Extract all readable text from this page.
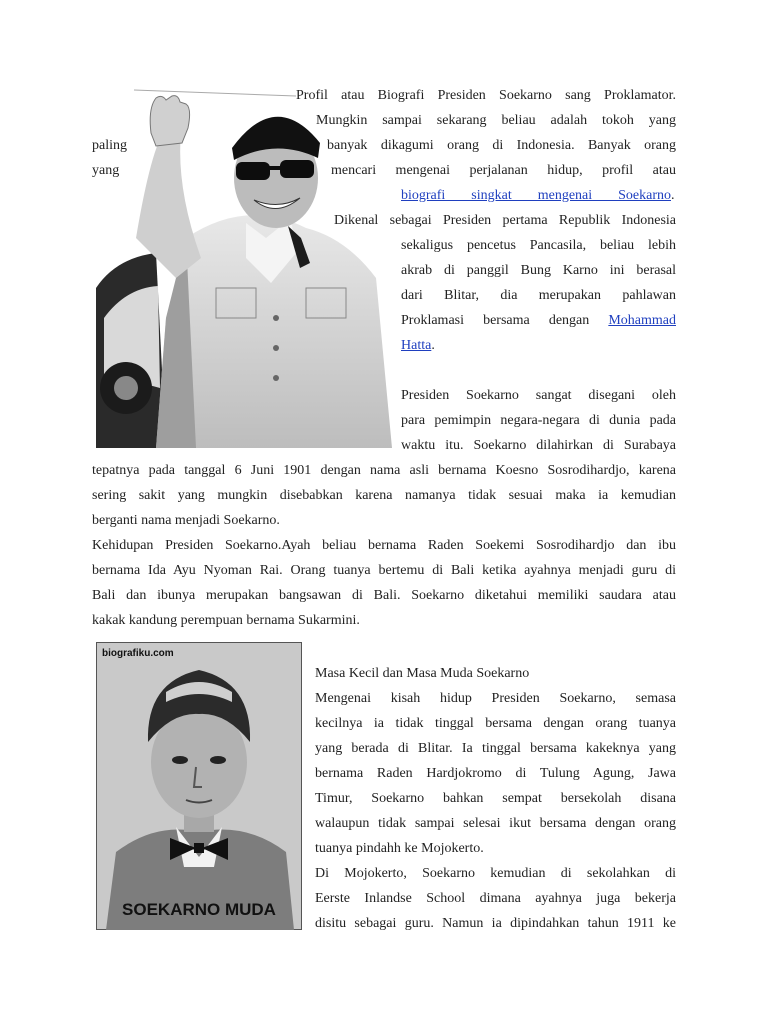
Profil atau Biografi Presiden Soekarno sang Proklamator.

Mungkin sampai sekarang beliau adalah tokoh yang

paling	banyak dikagumi orang di Indonesia. Banyak orang

yang	mencari mengenai perjalanan hidup, profil atau

biografi singkat mengenai Soekarno.

Dikenal sebagai Presiden pertama Republik Indonesia

sekaligus pencetus Pancasila, beliau lebih

akrab di panggil Bung Karno ini berasal

dari Blitar, dia merupakan pahlawan

Proklamasi bersama dengan Mohammad

Hatta.

Presiden Soekarno sangat disegani oleh

para pemimpin negara-negara di dunia pada

waktu itu. Soekarno dilahirkan di Surabaya

tepatnya pada tanggal 6 Juni 1901 dengan nama asli bernama Koesno Sosrodihardjo, karena

sering sakit yang mungkin disebabkan karena namanya tidak sesuai maka ia kemudian

berganti nama menjadi Soekarno.

Kehidupan Presiden Soekarno.Ayah beliau bernama Raden Soekemi Sosrodihardjo dan ibu

bernama Ida Ayu Nyoman Rai. Orang tuanya bertemu di Bali ketika ayahnya menjadi guru di

Bali dan ibunya merupakan bangsawan di Bali. Soekarno diketahui memiliki saudara atau

kakak kandung perempuan bernama Sukarmini.

biografiku.com
SOEKARNO MUDA

Masa Kecil dan Masa Muda Soekarno

Mengenai kisah hidup Presiden Soekarno, semasa

kecilnya ia tidak tinggal bersama dengan orang tuanya

yang berada di Blitar. Ia tinggal bersama kakeknya yang

bernama Raden Hardjokromo di Tulung Agung, Jawa

Timur, Soekarno bahkan sempat bersekolah disana

walaupun tidak sampai selesai ikut bersama dengan orang

tuanya pindahh ke Mojokerto.

Di Mojokerto, Soekarno kemudian di sekolahkan di

Eerste Inlandse School dimana ayahnya juga bekerja

disitu sebagai guru. Namun ia dipindahkan tahun 1911 ke
